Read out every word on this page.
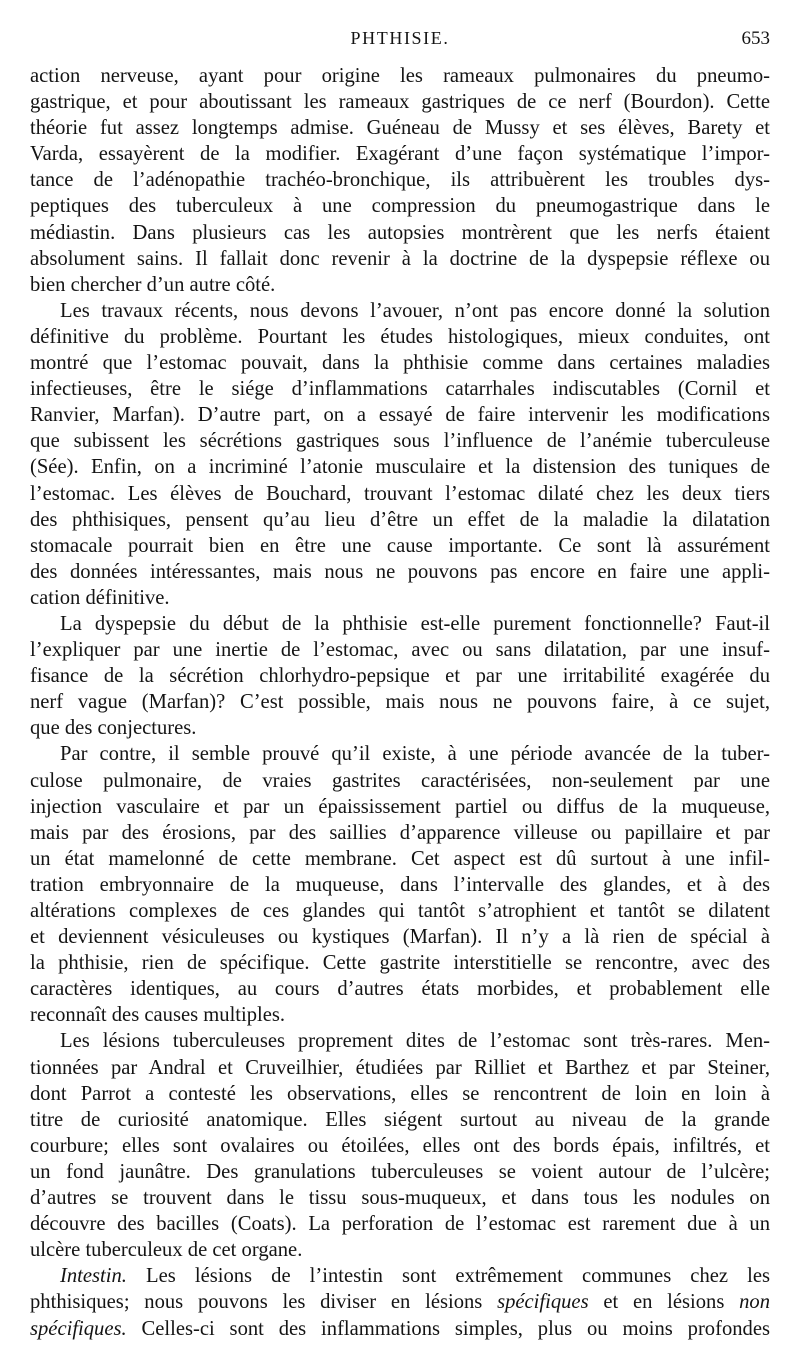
PHTHISIE.	653
action nerveuse, ayant pour origine les rameaux pulmonaires du pneumo-
gastrique, et pour aboutissant les rameaux gastriques de ce nerf (Bourdon). Cette
théorie fut assez longtemps admise. Guéneau de Mussy et ses élèves, Barety et
Varda, essayèrent de la modifier. Exagérant d’une façon systématique l’impor-
tance de l’adénopathie trachéo-bronchique, ils attribuèrent les troubles dys-
peptiques des tuberculeux à une compression du pneumogastrique dans le
médiastin. Dans plusieurs cas les autopsies montrèrent que les nerfs étaient
absolument sains. Il fallait donc revenir à la doctrine de la dyspepsie réflexe ou
bien chercher d’un autre côté.
Les travaux récents, nous devons l’avouer, n’ont pas encore donné la solution
définitive du problème. Pourtant les études histologiques, mieux conduites, ont
montré que l’estomac pouvait, dans la phthisie comme dans certaines maladies
infectieuses, être le siége d’inflammations catarrhales indiscutables (Cornil et
Ranvier, Marfan). D’autre part, on a essayé de faire intervenir les modifications
que subissent les sécrétions gastriques sous l’influence de l’anémie tuberculeuse
(Sée). Enfin, on a incriminé l’atonie musculaire et la distension des tuniques de
l’estomac. Les élèves de Bouchard, trouvant l’estomac dilaté chez les deux tiers
des phthisiques, pensent qu’au lieu d’être un effet de la maladie la dilatation
stomacale pourrait bien en être une cause importante. Ce sont là assurément
des données intéressantes, mais nous ne pouvons pas encore en faire une appli-
cation définitive.
La dyspepsie du début de la phthisie est-elle purement fonctionnelle? Faut-il
l’expliquer par une inertie de l’estomac, avec ou sans dilatation, par une insuf-
fisance de la sécrétion chlorhydro-pepsique et par une irritabilité exagérée du
nerf vague (Marfan)? C’est possible, mais nous ne pouvons faire, à ce sujet,
que des conjectures.
Par contre, il semble prouvé qu’il existe, à une période avancée de la tuber-
culose pulmonaire, de vraies gastrites caractérisées, non-seulement par une
injection vasculaire et par un épaississement partiel ou diffus de la muqueuse,
mais par des érosions, par des saillies d’apparence villeuse ou papillaire et par
un état mamelonné de cette membrane. Cet aspect est dû surtout à une infil-
tration embryonnaire de la muqueuse, dans l’intervalle des glandes, et à des
altérations complexes de ces glandes qui tantôt s’atrophient et tantôt se dilatent
et deviennent vésiculeuses ou kystiques (Marfan). Il n’y a là rien de spécial à
la phthisie, rien de spécifique. Cette gastrite interstitielle se rencontre, avec des
caractères identiques, au cours d’autres états morbides, et probablement elle
reconnaît des causes multiples.
Les lésions tuberculeuses proprement dites de l’estomac sont très-rares. Men-
tionnées par Andral et Cruveilhier, étudiées par Rilliet et Barthez et par Steiner,
dont Parrot a contesté les observations, elles se rencontrent de loin en loin à
titre de curiosité anatomique. Elles siégent surtout au niveau de la grande
courbure; elles sont ovalaires ou étoilées, elles ont des bords épais, infiltrés, et
un fond jaunâtre. Des granulations tuberculeuses se voient autour de l’ulcère;
d’autres se trouvent dans le tissu sous-muqueux, et dans tous les nodules on
découvre des bacilles (Coats). La perforation de l’estomac est rarement due à un
ulcère tuberculeux de cet organe.
Intestin. Les lésions de l’intestin sont extrêmement communes chez les
phthisiques; nous pouvons les diviser en lésions spécifiques et en lésions non
spécifiques. Celles-ci sont des inflammations simples, plus ou moins profondes
